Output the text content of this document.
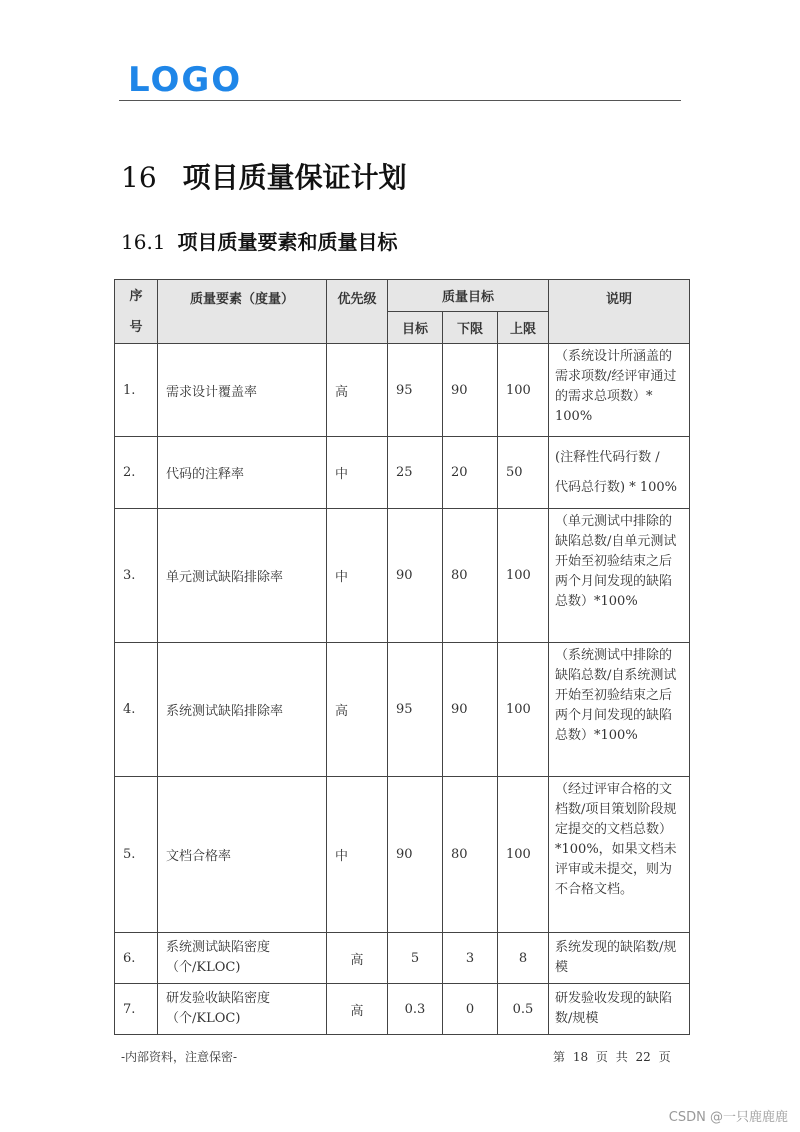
LOGO
16 项目质量保证计划
16.1 项目质量要素和质量目标
序
号	质量要素（度量）	优先级	质量目标			说明
			目标	下限	上限	
1.	需求设计覆盖率	高	95	90	100	（系统设计所涵盖的需求项数/经评审通过的需求总项数）* 100%
2.	代码的注释率	中	25	20	50	(注释性代码行数 /
代码总行数) * 100%

3.	单元测试缺陷排除率	中	90	80	100	（单元测试中排除的缺陷总数/自单元测试开始至初验结束之后两个月间发现的缺陷总数）*100%
4.	系统测试缺陷排除率	高	95	90	100	（系统测试中排除的缺陷总数/自系统测试开始至初验结束之后两个月间发现的缺陷总数）*100%
5.	文档合格率	中	90	80	100	（经过评审合格的文档数/项目策划阶段规定提交的文档总数）*100%，如果文档未评审或未提交，则为不合格文档。
6.	系统测试缺陷密度 （个/KLOC)	高	5	3	8	系统发现的缺陷数/规模
7.	研发验收缺陷密度 （个/KLOC)	高	0.3	0	0.5	研发验收发现的缺陷数/规模
-内部资料，注意保密-	第 18 页 共 22 页
CSDN @一只鹿鹿鹿
